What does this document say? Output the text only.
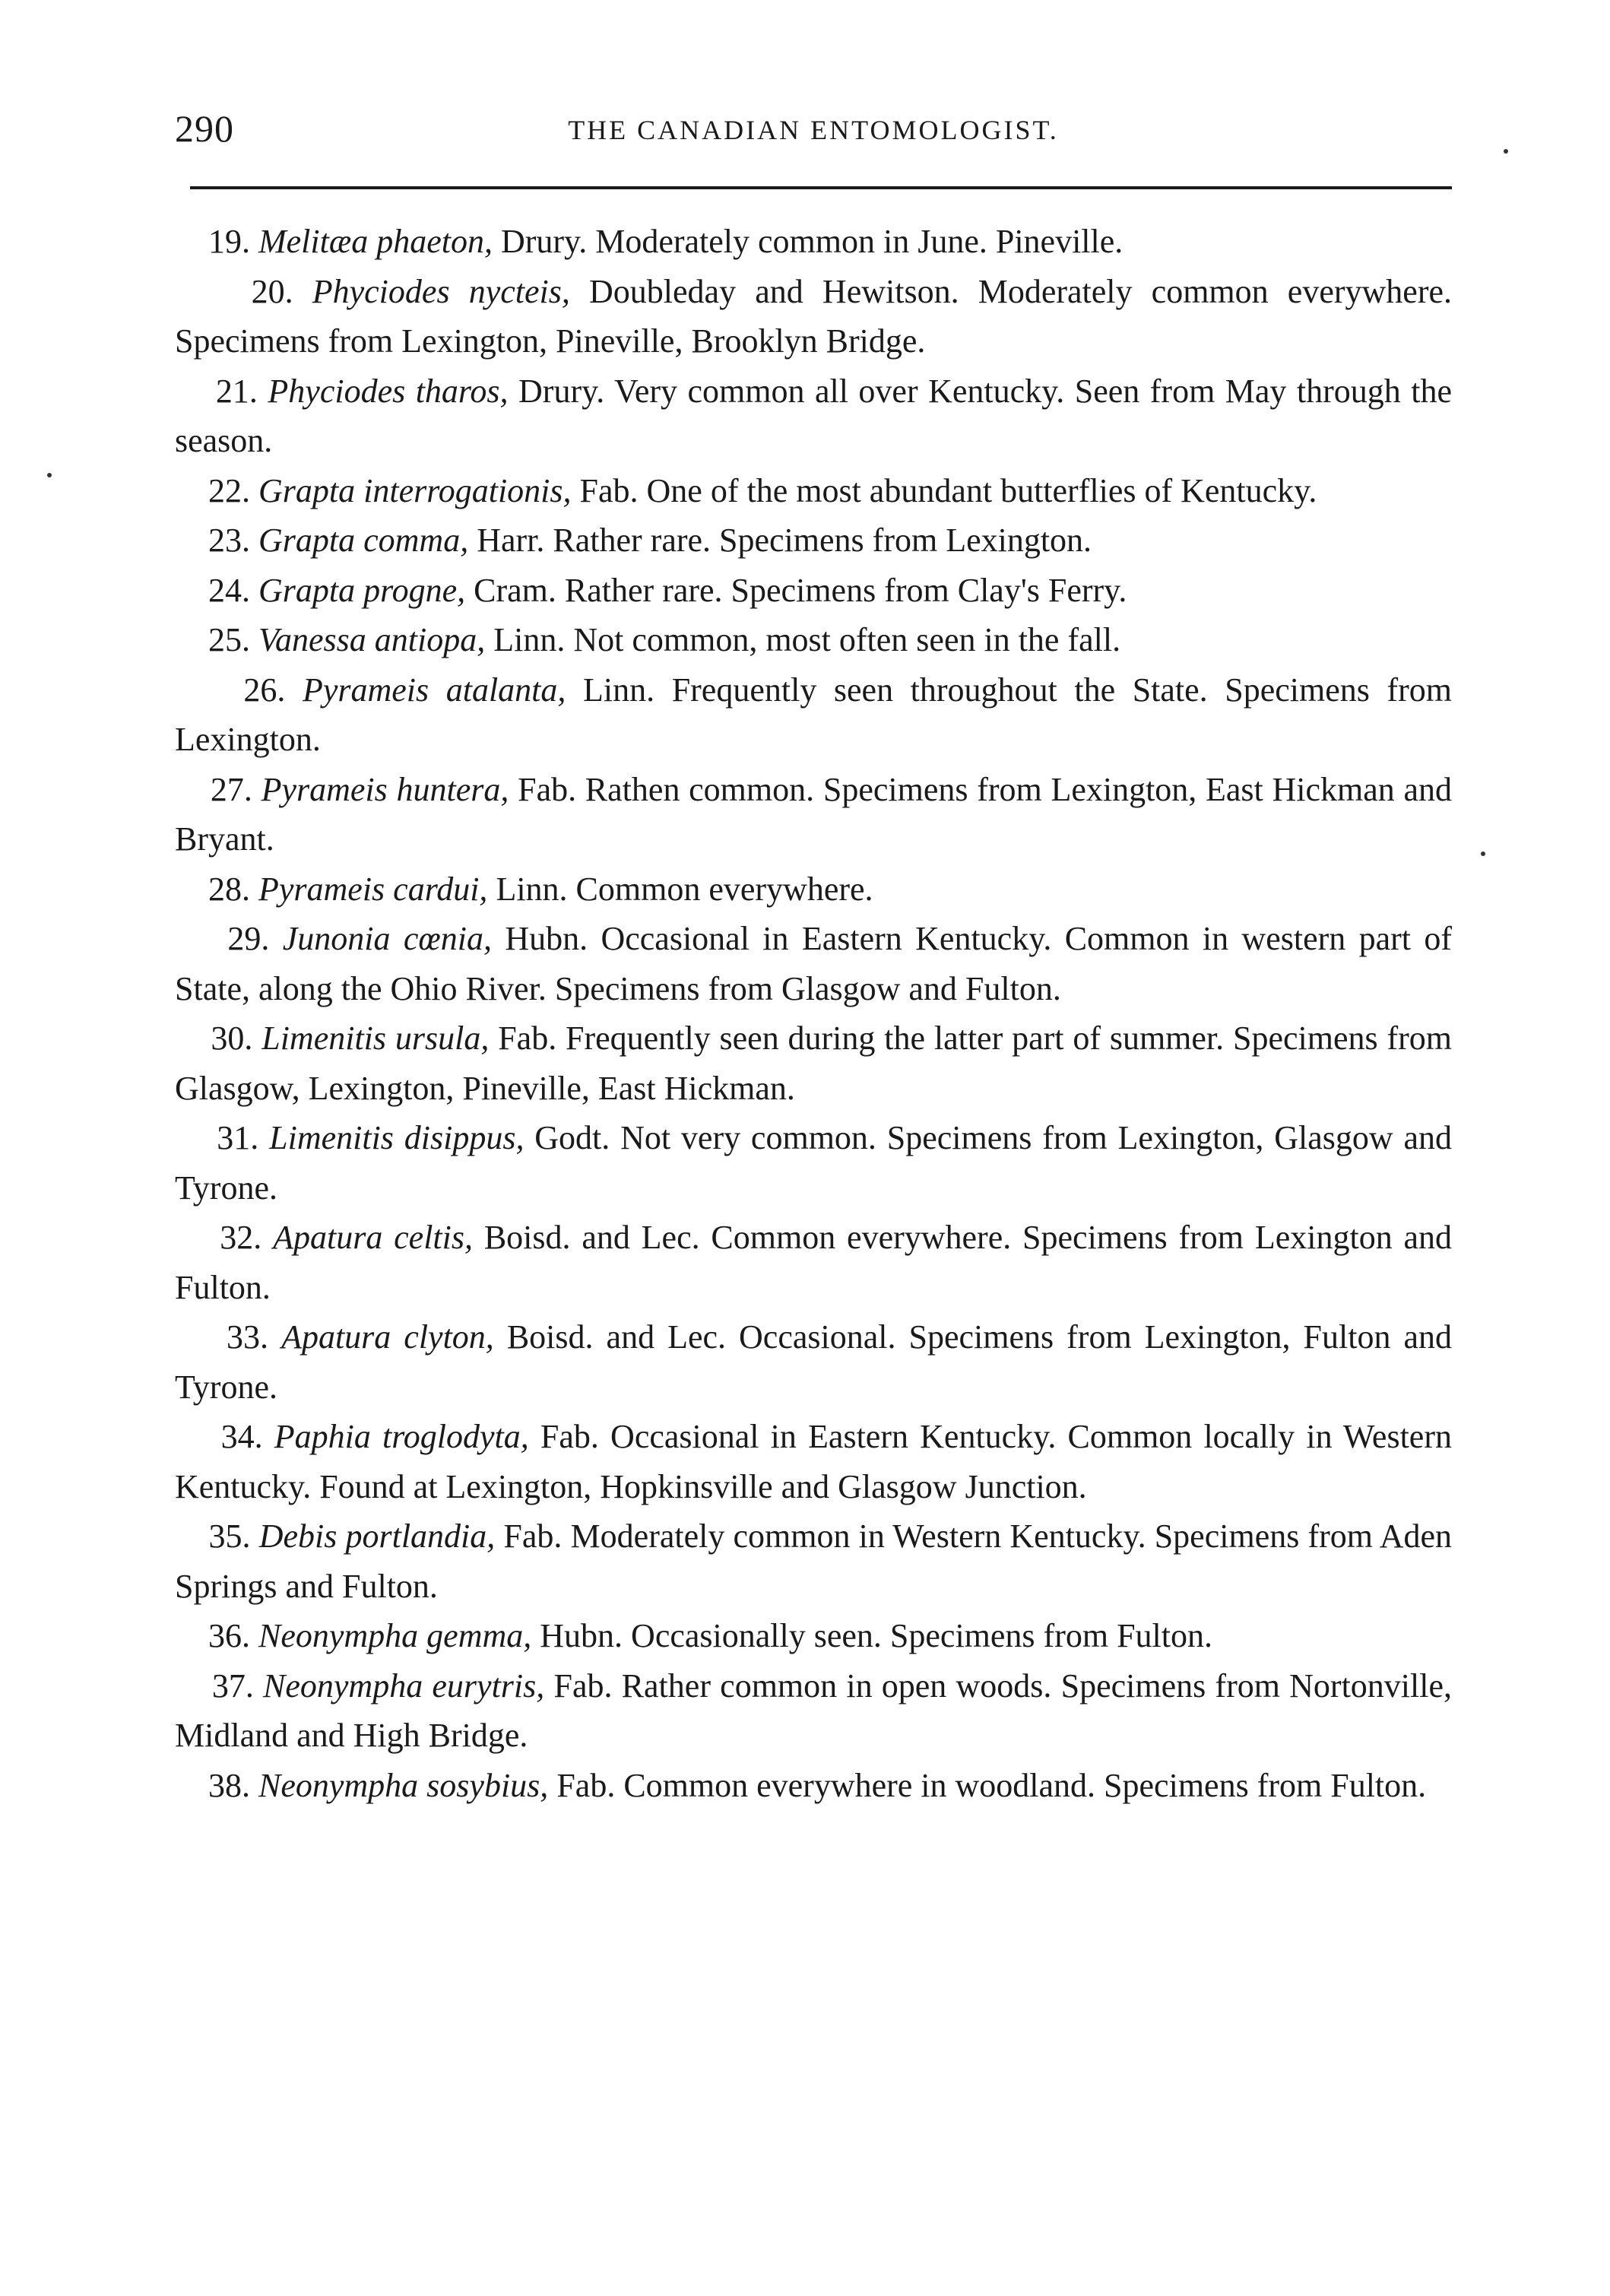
290	THE CANADIAN ENTOMOLOGIST.

19. Melitæa phaeton, Drury. Moderately common in June. Pineville.

20. Phyciodes nycteis, Doubleday and Hewitson. Moderately common everywhere. Specimens from Lexington, Pineville, Brooklyn Bridge.

21. Phyciodes tharos, Drury. Very common all over Kentucky. Seen from May through the season.

22. Grapta interrogationis, Fab. One of the most abundant butterflies of Kentucky.

23. Grapta comma, Harr. Rather rare. Specimens from Lexington.

24. Grapta progne, Cram. Rather rare. Specimens from Clay's Ferry.

25. Vanessa antiopa, Linn. Not common, most often seen in the fall.

26. Pyrameis atalanta, Linn. Frequently seen throughout the State. Specimens from Lexington.

27. Pyrameis huntera, Fab. Rathen common. Specimens from Lexington, East Hickman and Bryant.

28. Pyrameis cardui, Linn. Common everywhere.

29. Junonia cœnia, Hubn. Occasional in Eastern Kentucky. Common in western part of State, along the Ohio River. Specimens from Glasgow and Fulton.

30. Limenitis ursula, Fab. Frequently seen during the latter part of summer. Specimens from Glasgow, Lexington, Pineville, East Hickman.

31. Limenitis disippus, Godt. Not very common. Specimens from Lexington, Glasgow and Tyrone.

32. Apatura celtis, Boisd. and Lec. Common everywhere. Specimens from Lexington and Fulton.

33. Apatura clyton, Boisd. and Lec. Occasional. Specimens from Lexington, Fulton and Tyrone.

34. Paphia troglodyta, Fab. Occasional in Eastern Kentucky. Common locally in Western Kentucky. Found at Lexington, Hopkinsville and Glasgow Junction.

35. Debis portlandia, Fab. Moderately common in Western Kentucky. Specimens from Aden Springs and Fulton.

36. Neonympha gemma, Hubn. Occasionally seen. Specimens from Fulton.

37. Neonympha eurytris, Fab. Rather common in open woods. Specimens from Nortonville, Midland and High Bridge.

38. Neonympha sosybius, Fab. Common everywhere in woodland. Specimens from Fulton.
